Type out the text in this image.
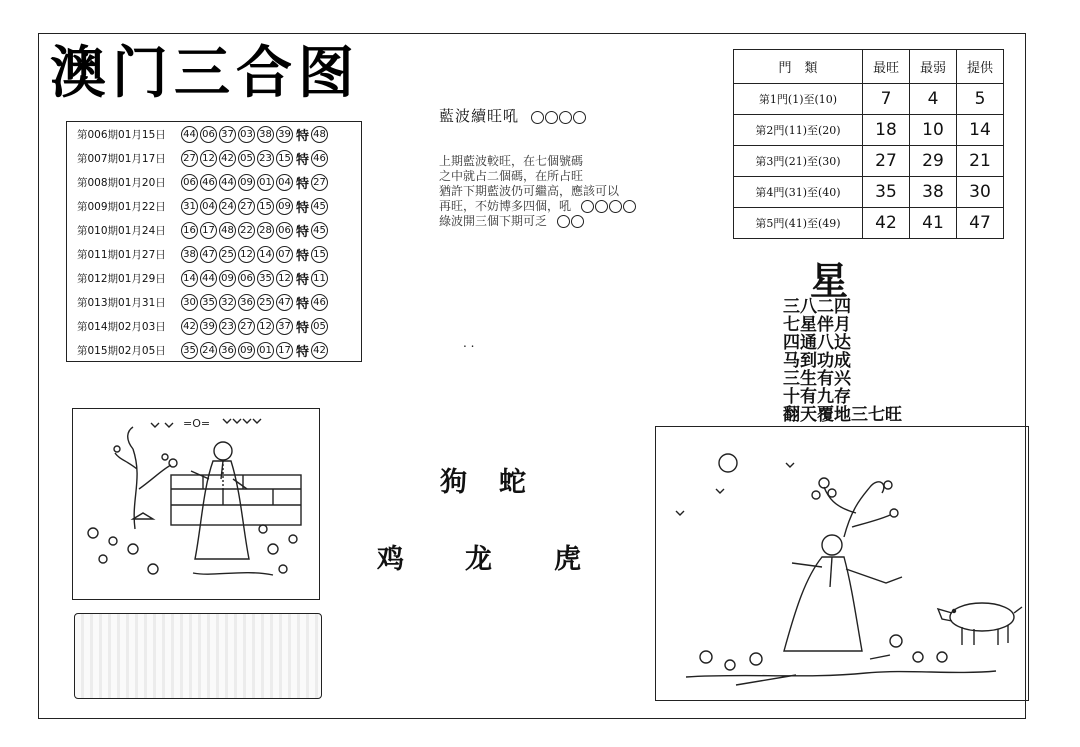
澳门三合图
第006期01月15日	44 06 37 03 38 39 特 48
第007期01月17日	27 12 42 05 23 15 特 46
第008期01月20日	06 46 44 09 01 04 特 27
第009期01月22日	31 04 24 27 15 09 特 45
第010期01月24日	16 17 48 22 28 06 特 45
第011期01月27日	38 47 25 12 14 07 特 15
第012期01月29日	14 44 09 06 35 12 特 11
第013期01月31日	30 35 32 36 25 47 特 46
第014期02月03日	42 39 23 27 12 37 特 05
第015期02月05日	35 24 36 09 01 17 特 42
藍波續旺吼
上期藍波較旺，在七個號碼
之中就占二個碼，在所占旺
猶許下期藍波仍可繼高，應該可以
再旺，不妨博多四個，吼
綠波開三個下期可乏
. .
狗 蛇
鸡 龙 虎
門　類	最旺	最弱	提供
第1門(1)至(10)	7	4	5
第2門(11)至(20)	18	10	14
第3門(21)至(30)	27	29	21
第4門(31)至(40)	35	38	30
第5門(41)至(49)	42	41	47
星
三八二四
七星伴月
四通八达
马到功成
三生有兴
十有九存
翻天覆地三七旺
=O=
